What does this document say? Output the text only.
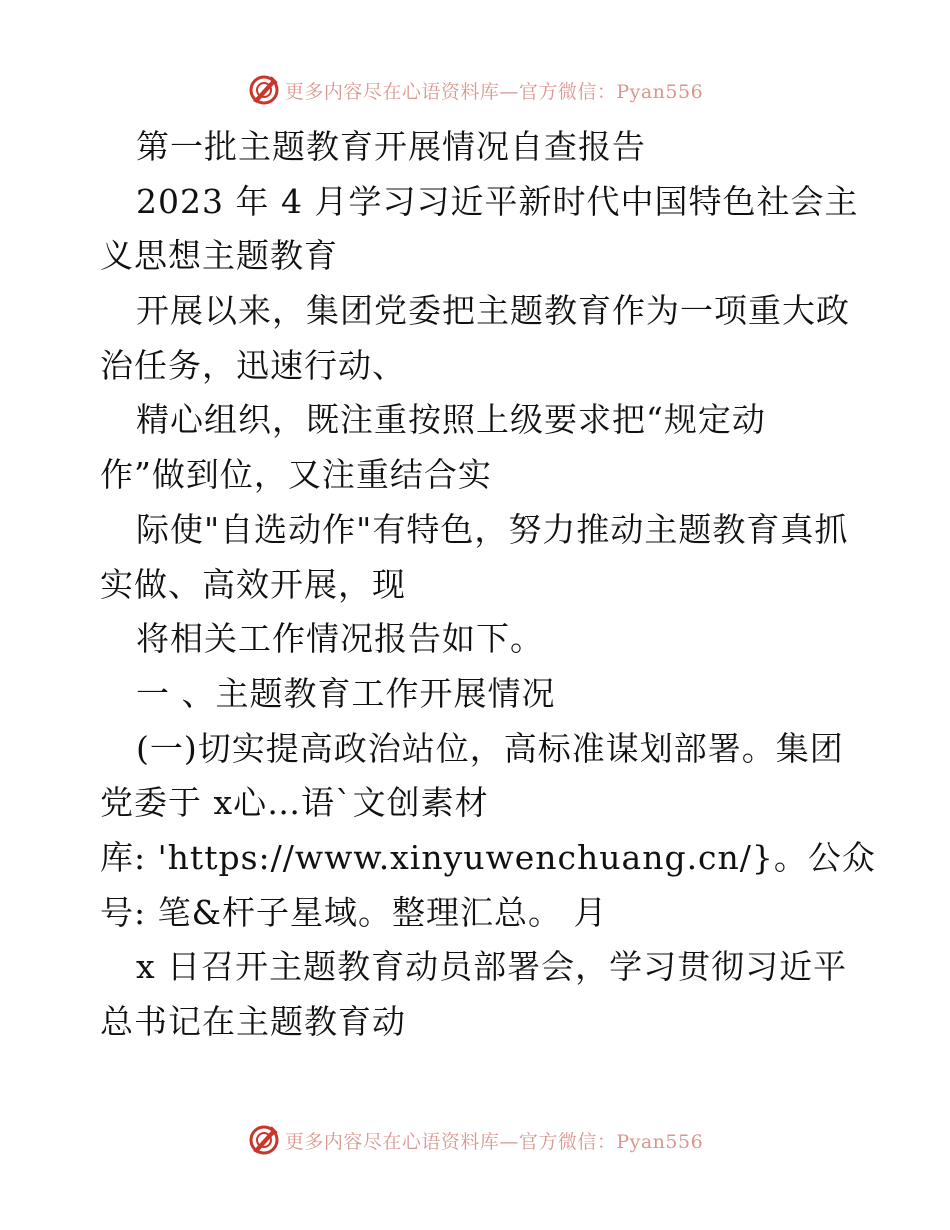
更多内容尽在心语资料库—官方微信：Pyan556
第一批主题教育开展情况自查报告
2023 年 4 月学习习近平新时代中国特色社会主
义思想主题教育
开展以来，集团党委把主题教育作为一项重大政
治任务，迅速行动、
精心组织，既注重按照上级要求把“规定动
作”做到位，又注重结合实
际使"自选动作"有特色，努力推动主题教育真抓
实做、高效开展，现
将相关工作情况报告如下。
一 、主题教育工作开展情况
(一)切实提高政治站位，高标准谋划部署。集团
党委于 x心…语`文创素材
库: 'https://www.xinyuwenchuang.cn/}。公众
号: 笔&杆子星域。整理汇总。 月
x 日召开主题教育动员部署会，学习贯彻习近平
总书记在主题教育动
更多内容尽在心语资料库—官方微信：Pyan556
